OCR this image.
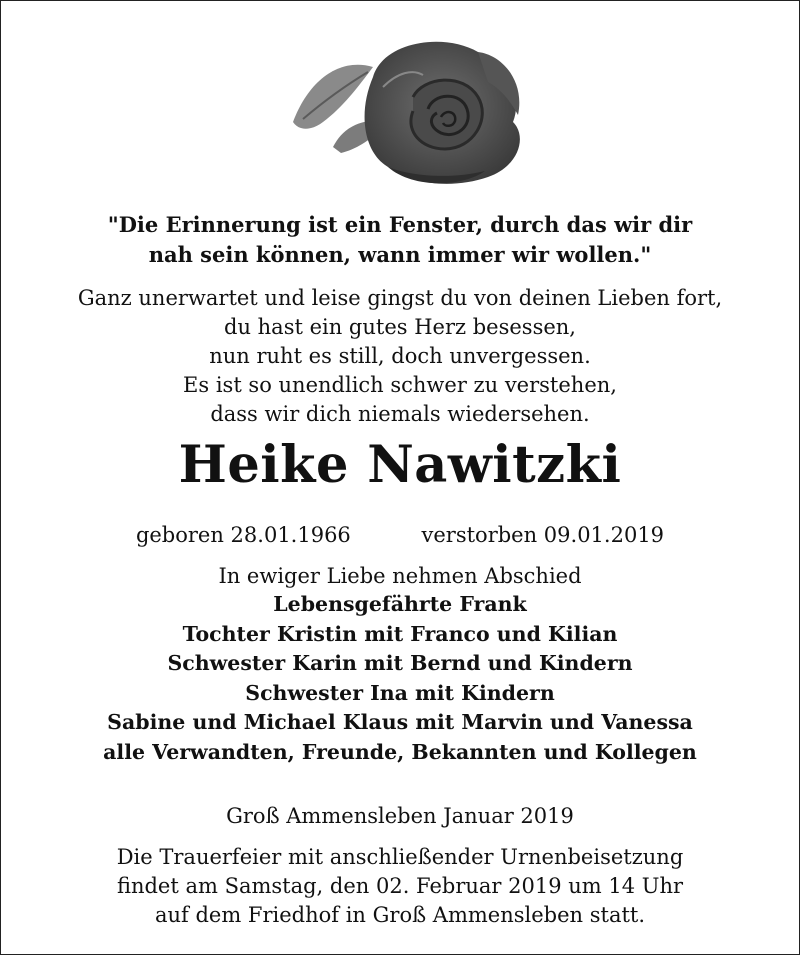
"Die Erinnerung ist ein Fenster, durch das wir dir
nah sein können, wann immer wir wollen."
Ganz unerwartet und leise gingst du von deinen Lieben fort,
du hast ein gutes Herz besessen,
nun ruht es still, doch unvergessen.
Es ist so unendlich schwer zu verstehen,
dass wir dich niemals wiedersehen.
Heike Nawitzki
geboren 28.01.1966	verstorben 09.01.2019
In ewiger Liebe nehmen Abschied
Lebensgefährte Frank
Tochter Kristin mit Franco und Kilian
Schwester Karin mit Bernd und Kindern
Schwester Ina mit Kindern
Sabine und Michael Klaus mit Marvin und Vanessa
alle Verwandten, Freunde, Bekannten und Kollegen
Groß Ammensleben Januar 2019
Die Trauerfeier mit anschließender Urnenbeisetzung
findet am Samstag, den 02. Februar 2019 um 14 Uhr
auf dem Friedhof in Groß Ammensleben statt.
